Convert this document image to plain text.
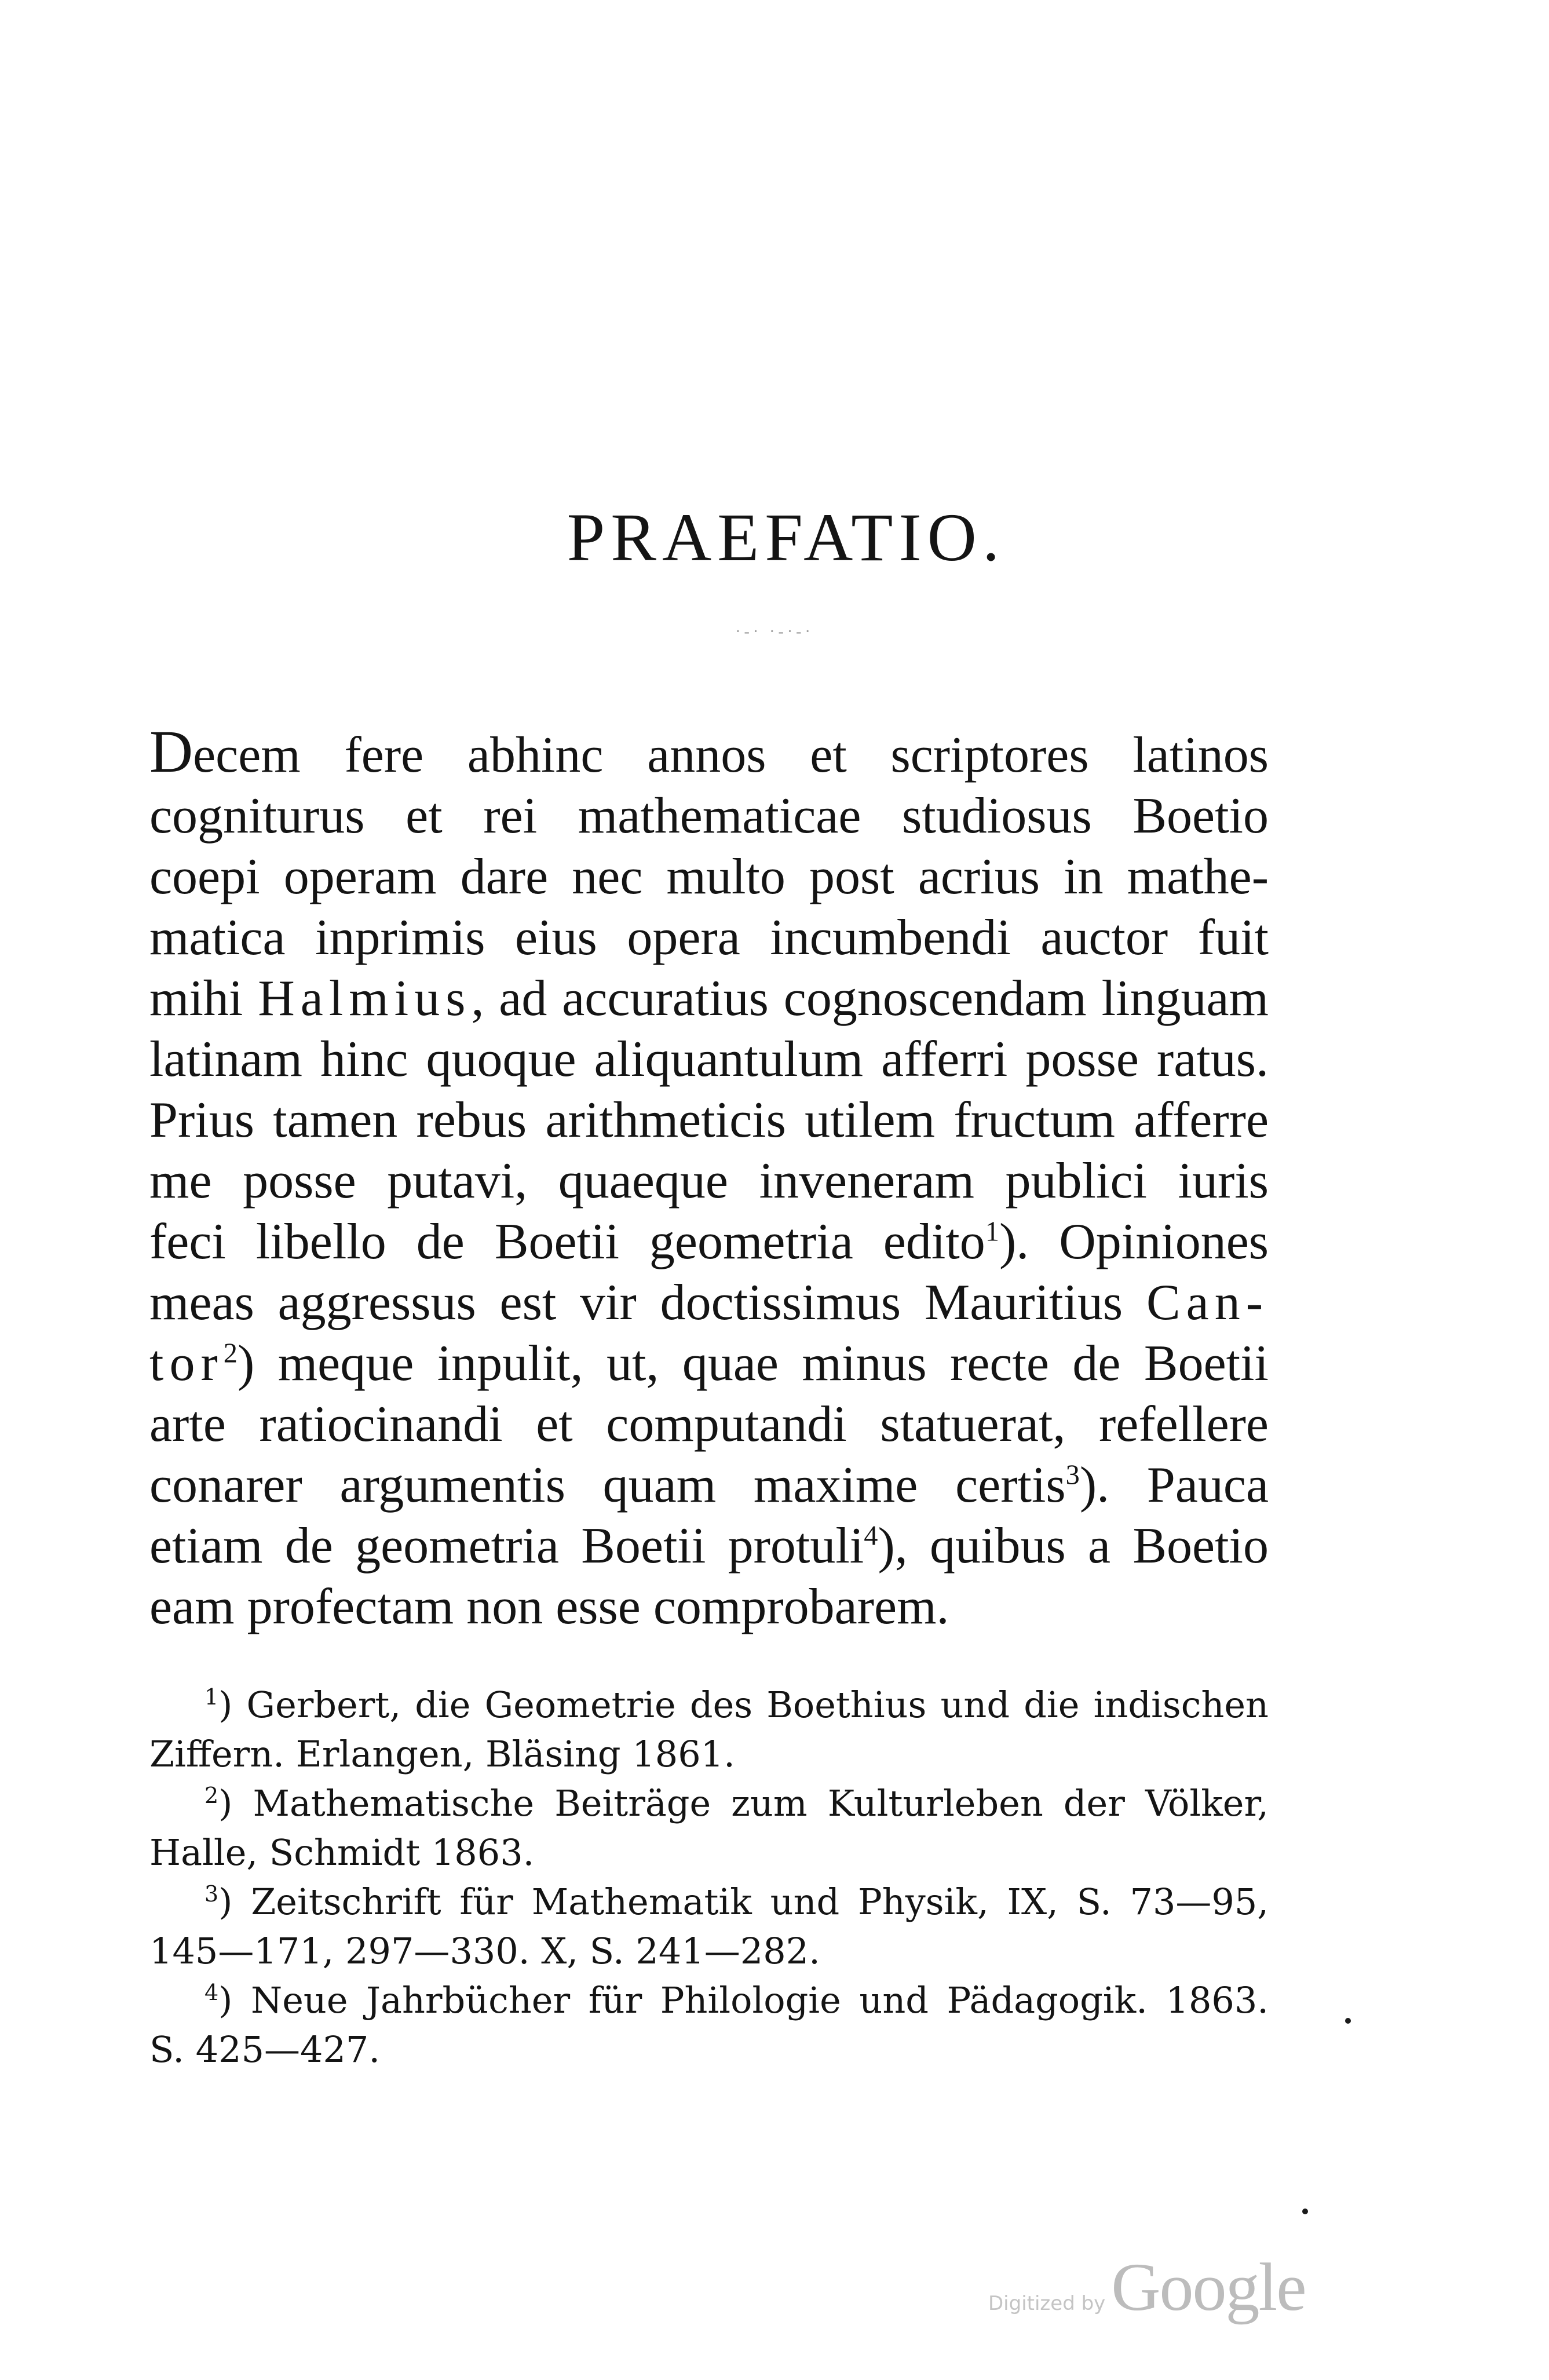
PRAEFATIO.
·-· ·-·-·
Decem fere abhinc annos et scriptores latinos
cogniturus et rei mathematicae studiosus Boetio
coepi operam dare nec multo post acrius in mathe-
matica inprimis eius opera incumbendi auctor fuit
mihi Halmius, ad accuratius cognoscendam linguam
latinam hinc quoque aliquantulum afferri posse ratus.
Prius tamen rebus arithmeticis utilem fructum afferre
me posse putavi, quaeque inveneram publici iuris
feci libello de Boetii geometria edito$^1$). Opiniones
meas aggressus est vir doctissimus Mauritius Can-
tor$^2$) meque inpulit, ut, quae minus recte de Boetii
arte ratiocinandi et computandi statuerat, refellere
conarer argumentis quam maxime certis$^3$). Pauca
etiam de geometria Boetii protuli$^4$), quibus a Boetio
eam profectam non esse comprobarem.
$^1$) Gerbert, die Geometrie des Boethius und die indischen
Ziffern. Erlangen, Bläsing 1861.
$^2$) Mathematische Beiträge zum Kulturleben der Völker,
Halle, Schmidt 1863.
$^3$) Zeitschrift für Mathematik und Physik, IX, S. 73—95,
145—171, 297—330. X, S. 241—282.
$^4$) Neue Jahrbücher für Philologie und Pädagogik. 1863.
S. 425—427.
Digitized by Google
